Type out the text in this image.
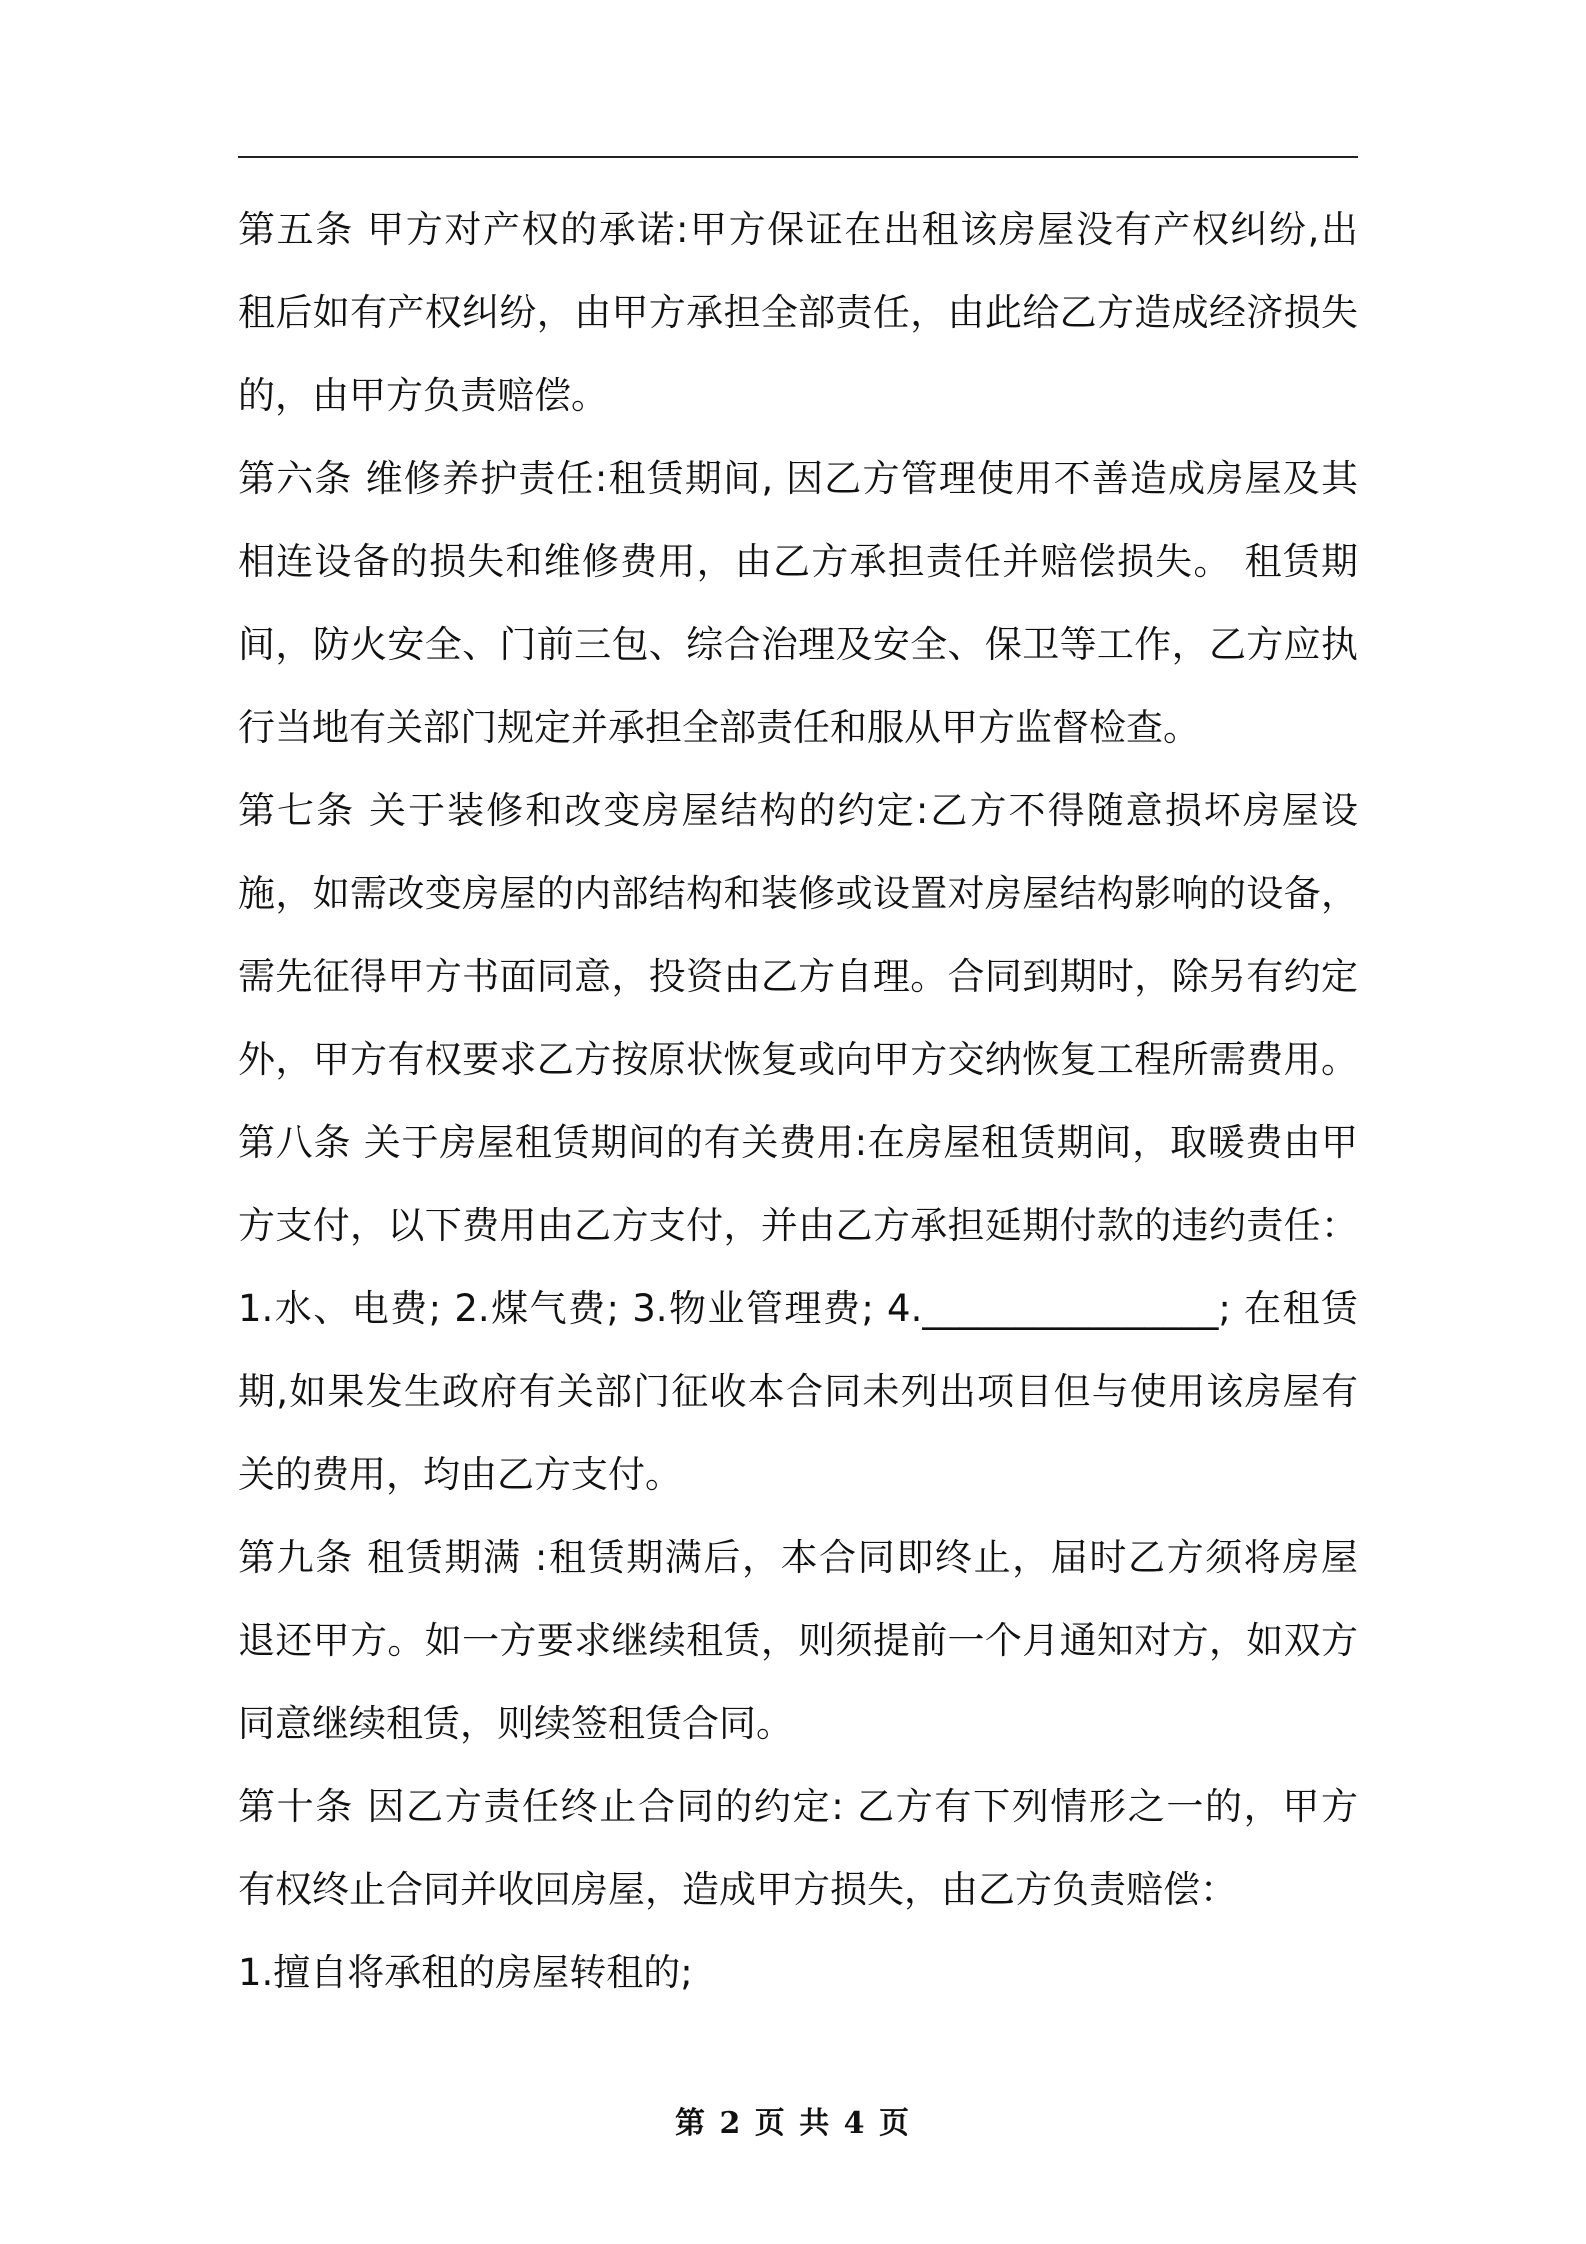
第五条 甲方对产权的承诺:甲方保证在出租该房屋没有产权纠纷,出
租后如有产权纠纷，由甲方承担全部责任，由此给乙方造成经济损失
的，由甲方负责赔偿。
第六条 维修养护责任:租赁期间, 因乙方管理使用不善造成房屋及其
相连设备的损失和维修费用，由乙方承担责任并赔偿损失。 租赁期
间，防火安全、门前三包、综合治理及安全、保卫等工作，乙方应执
行当地有关部门规定并承担全部责任和服从甲方监督检查。
第七条 关于装修和改变房屋结构的约定:乙方不得随意损坏房屋设
施，如需改变房屋的内部结构和装修或设置对房屋结构影响的设备，
需先征得甲方书面同意，投资由乙方自理。合同到期时，除另有约定
外，甲方有权要求乙方按原状恢复或向甲方交纳恢复工程所需费用。
第八条 关于房屋租赁期间的有关费用:在房屋租赁期间，取暖费由甲
方支付，以下费用由乙方支付，并由乙方承担延期付款的违约责任：
1.水、电费; 2.煤气费; 3.物业管理费; 4.________________; 在租赁
期,如果发生政府有关部门征收本合同未列出项目但与使用该房屋有
关的费用，均由乙方支付。
第九条 租赁期满 :租赁期满后，本合同即终止，届时乙方须将房屋
退还甲方。如一方要求继续租赁，则须提前一个月通知对方，如双方
同意继续租赁，则续签租赁合同。
第十条 因乙方责任终止合同的约定: 乙方有下列情形之一的，甲方
有权终止合同并收回房屋，造成甲方损失，由乙方负责赔偿：
1.擅自将承租的房屋转租的;
第 2 页 共 4 页
